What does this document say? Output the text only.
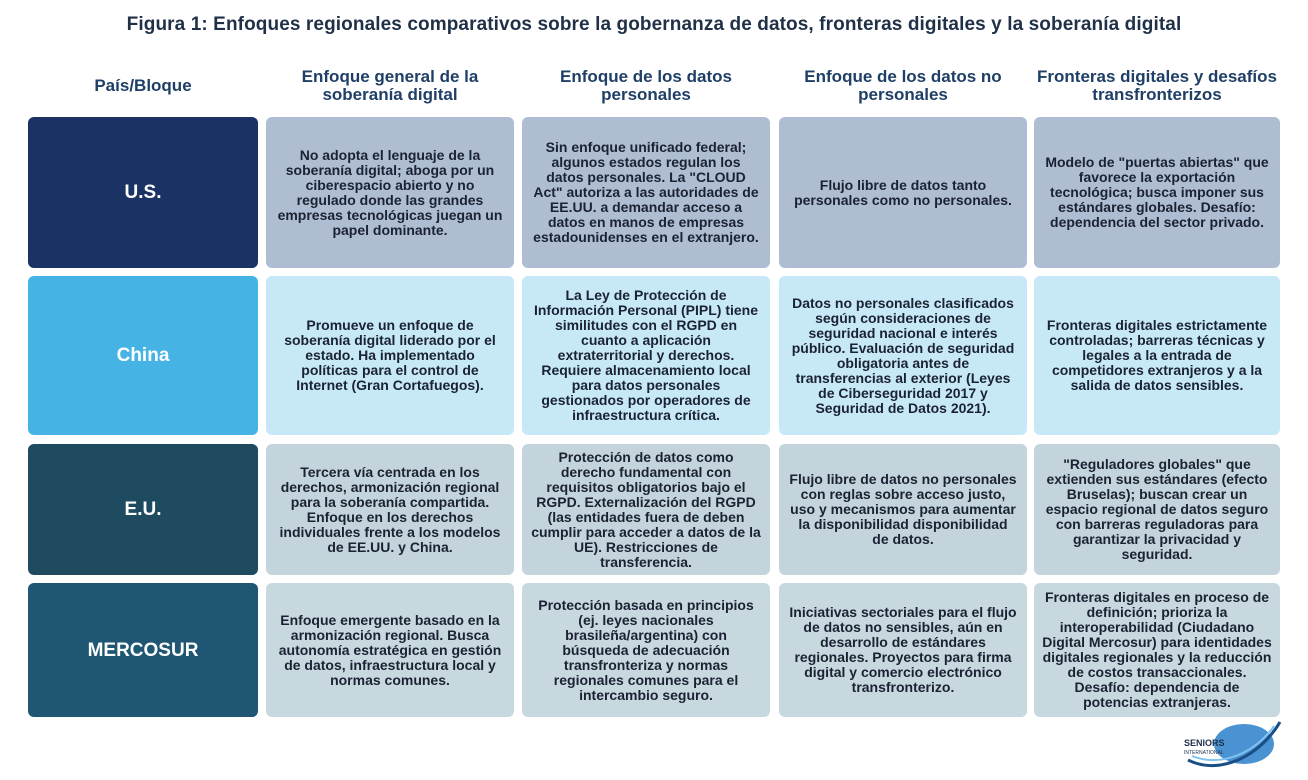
Figura 1: Enfoques regionales comparativos sobre la gobernanza de datos, fronteras digitales y la soberanía digital
País/Bloque	Enfoque general de la soberanía digital
Enfoque de los datos personales
Enfoque de los datos no personales
Fronteras digitales y desafíos transfronterizos
U.S.
No adopta el lenguaje de la soberanía digital; aboga por un ciberespacio abierto y no regulado donde las grandes empresas tecnológicas juegan un papel dominante.
Sin enfoque unificado federal; algunos estados regulan los datos personales. La "CLOUD Act" autoriza a las autoridades de EE.UU. a demandar acceso a datos en manos de empresas estadounidenses en el extranjero.
Flujo libre de datos tanto personales como no personales.
Modelo de "puertas abiertas" que favorece la exportación tecnológica; busca imponer sus estándares globales. Desafío: dependencia del sector privado.
China
Promueve un enfoque de soberanía digital liderado por el estado. Ha implementado políticas para el control de Internet (Gran Cortafuegos).
La Ley de Protección de Información Personal (PIPL) tiene similitudes con el RGPD en cuanto a aplicación extraterritorial y derechos. Requiere almacenamiento local para datos personales gestionados por operadores de infraestructura crítica.
Datos no personales clasificados según consideraciones de seguridad nacional e interés público. Evaluación de seguridad obligatoria antes de transferencias al exterior (Leyes de Ciberseguridad 2017 y Seguridad de Datos 2021).
Fronteras digitales estrictamente controladas; barreras técnicas y legales a la entrada de competidores extranjeros y a la salida de datos sensibles.
E.U.
Tercera vía centrada en los derechos, armonización regional para la soberanía compartida. Enfoque en los derechos individuales frente a los modelos de EE.UU. y China.
Protección de datos como derecho fundamental con requisitos obligatorios bajo el RGPD. Externalización del RGPD (las entidades fuera de deben cumplir para acceder a datos de la UE). Restricciones de transferencia.
Flujo libre de datos no personales con reglas sobre acceso justo, uso y mecanismos para aumentar la disponibilidad disponibilidad de datos.
"Reguladores globales" que extienden sus estándares (efecto Bruselas); buscan crear un espacio regional de datos seguro con barreras reguladoras para garantizar la privacidad y seguridad.
MERCOSUR
Enfoque emergente basado en la armonización regional. Busca autonomía estratégica en gestión de datos, infraestructura local y normas comunes.
Protección basada en principios (ej. leyes nacionales brasileña/argentina) con búsqueda de adecuación transfronteriza y normas regionales comunes para el intercambio seguro.
Iniciativas sectoriales para el flujo de datos no sensibles, aún en desarrollo de estándares regionales. Proyectos para firma digital y comercio electrónico transfronterizo.
Fronteras digitales en proceso de definición; prioriza la interoperabilidad (Ciudadano Digital Mercosur) para identidades digitales regionales y la reducción de costos transaccionales. Desafío: dependencia de potencias extranjeras.
SENIORS
INTERNATIONAL
